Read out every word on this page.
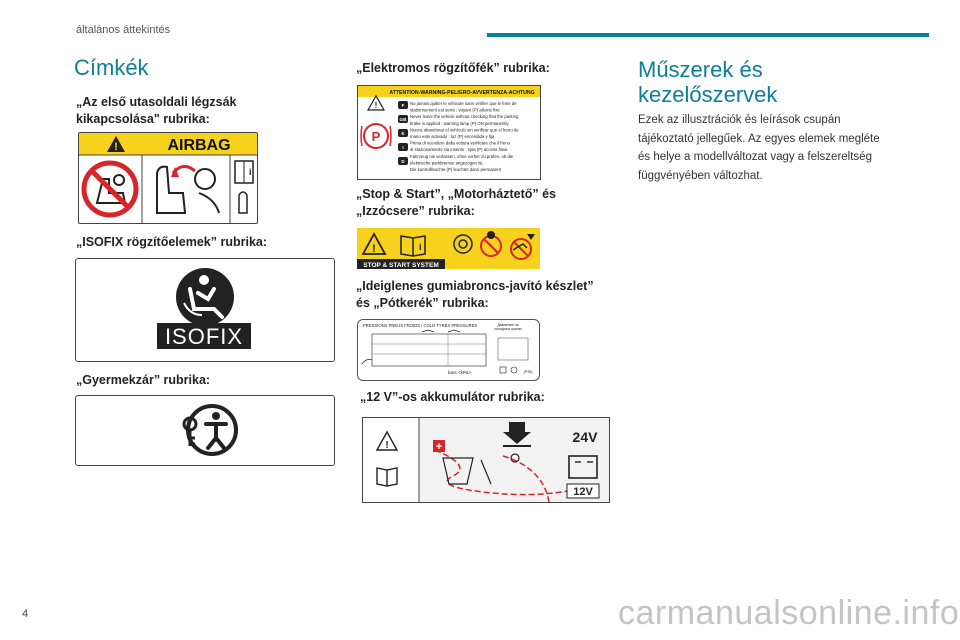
általános áttekintés
Címkék
„Az első utasoldali légzsák kikapcsolása" rubrika:
!	AIRBAG
i
„ISOFIX rögzítőelemek” rubrika:
ISOFIX
„Gyermekzár” rubrika:
„Elektromos rögzítőfék” rubrika:
!
ATTENTION-WARNING-PELIGRO-AVVERTENZA-ACHTUNG
P
No jamais quitter le véhicule sans vérifier que le frein de
stationnement est serré : voyant (P) allumé fixe
Never leave the vehicle without checking that the parking
brake is applied : warning lamp (P) ON permanently
Nunca abandonar el vehículo sin verificar que el freno de
mano esté activado : luz (P) encendida y fija
Prima di scendere dalla vettura verificare che il freno
di stazionamento sia inserito : spia (P) accesa fissa
Fahrzeug nie verlassen, ohne vorher zu prüfen, ob die
elektrische parkbremse angezogen ist.
Die kontrollleuchte (P) leuchtet dann permanent
F
GB
E
I
D
„Stop & Start”, „Motorháztető” és „Izzócsere” rubrika:
STOP & START SYSTEM
!	i
„Ideiglenes gumiabroncs-javító készlet” és „Pótkerék” rubrika:
PRESSIONS PNEUS FROIDS / COLD TYRES PRESSURES	Давление на
холодных шинах
bars <kPa>	(PSI)
„12 V”-os akkumulátor rubrika:
!	+
24V
12V
Műszerek és kezelőszervek
Ezek az illusztrációk és leírások csupán tájékoztató jellegűek. Az egyes elemek megléte és helye a modellváltozat vagy a felszereltség függvényében változhat.
4	carmanualsonline.info
